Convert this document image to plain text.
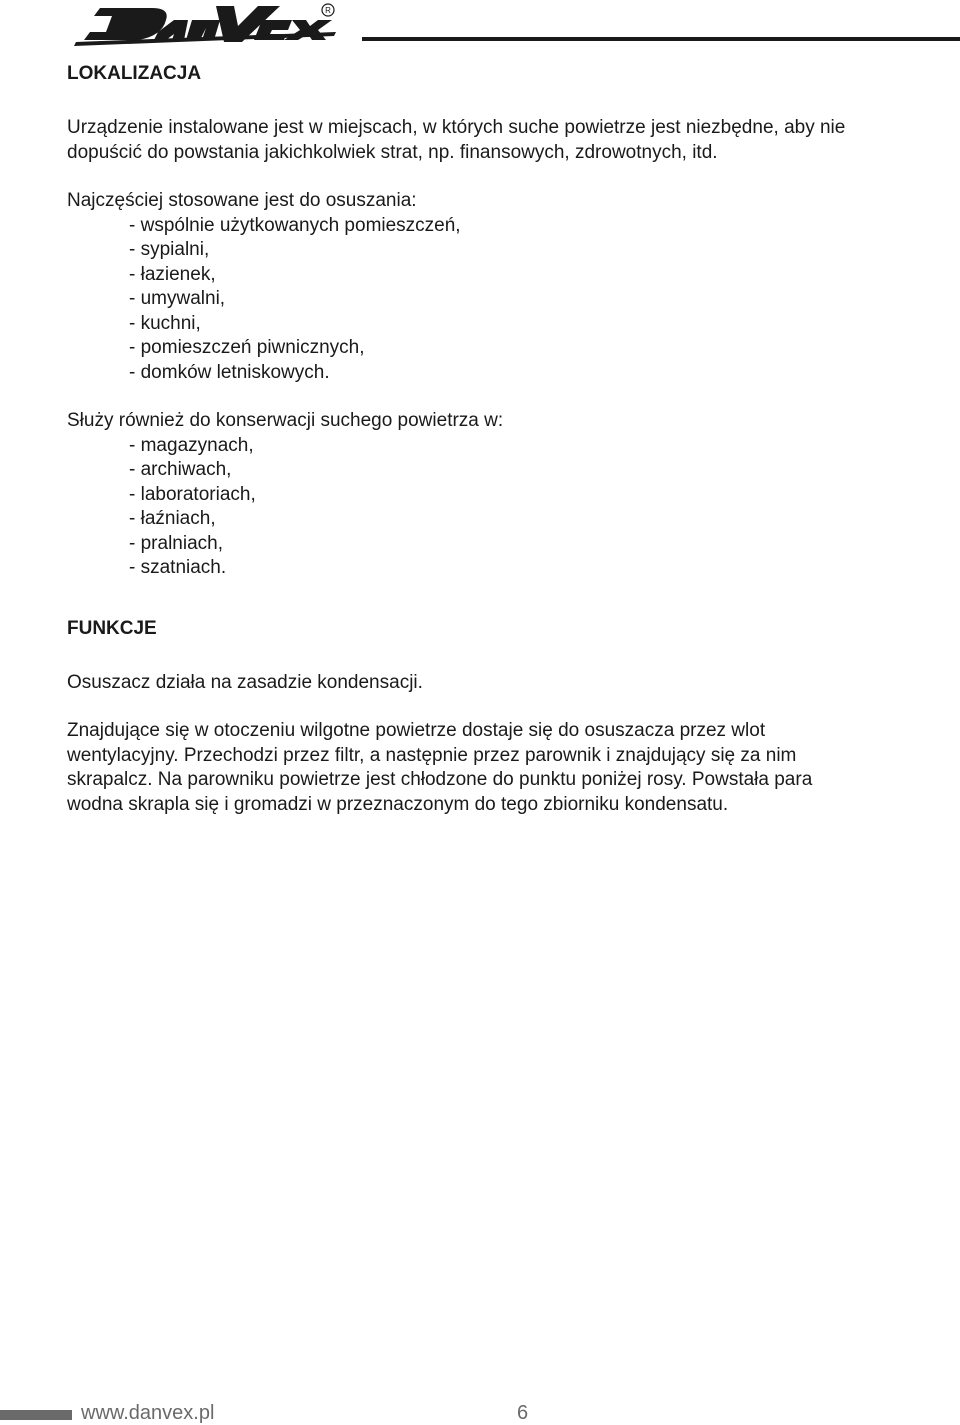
R
LOKALIZACJA

Urządzenie instalowane jest w miejscach, w których suche powietrze jest niezbędne, aby nie
dopuścić do powstania jakichkolwiek strat, np. finansowych, zdrowotnych, itd.

Najczęściej stosowane jest do osuszania:

- wspólnie użytkowanych pomieszczeń,
- sypialni,
- łazienek,
- umywalni,
- kuchni,
- pomieszczeń piwnicznych,
- domków letniskowych.

Służy również do konserwacji suchego powietrza w:

- magazynach,
- archiwach,
- laboratoriach,
- łaźniach,
- pralniach,
- szatniach.
FUNKCJE

Osuszacz działa na zasadzie kondensacji.

Znajdujące się w otoczeniu wilgotne powietrze dostaje się do osuszacza przez wlot
wentylacyjny. Przechodzi przez filtr, a następnie przez parownik i znajdujący się za nim
skrapalcz. Na parowniku powietrze jest chłodzone do punktu poniżej rosy. Powstała para
wodna skrapla się i gromadzi w przeznaczonym do tego zbiorniku kondensatu.

www.danvex.pl	6
